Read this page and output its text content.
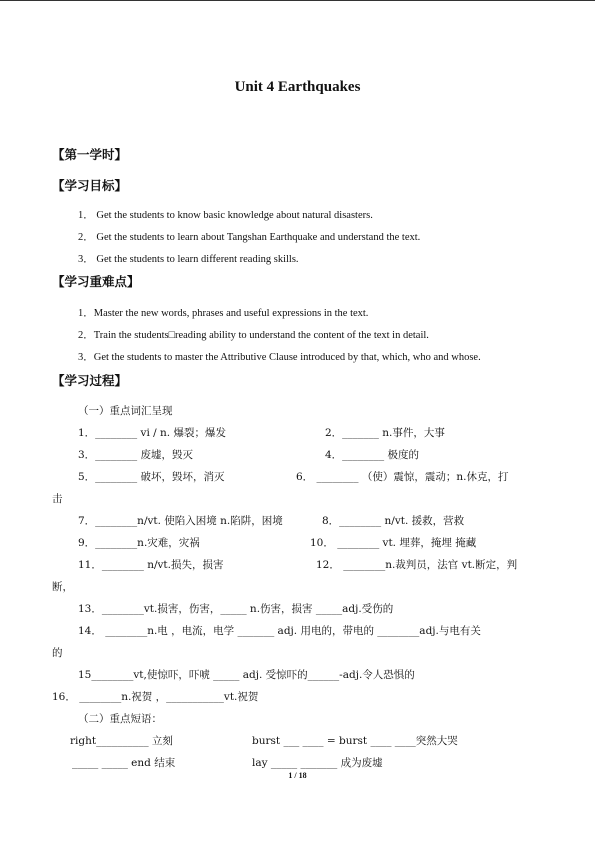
Unit 4 Earthquakes
【第一学时】
【学习目标】
1． Get the students to know basic knowledge about natural disasters.
2． Get the students to learn about Tangshan Earthquake and understand the text.
3． Get the students to learn different reading skills.
【学习重难点】
1．Master the new words, phrases and useful expressions in the text.
2．Train the students□reading ability to understand the content of the text in detail.
3．Get the students to master the Attributive Clause introduced by that, which, who and whose.
【学习过程】
（一）重点词汇呈现
1．________ vi / n. 爆裂；爆发	2．_______ n.事件，大事
3．________ 废墟，毁灭	4．________ 极度的
5．________ 破坏，毁坏，消灭	6． ________ （使）震惊，震动；n.休克，打
击
7．________n/vt. 使陷入困境 n.陷阱，困境	8．________ n/vt. 援救，营救
9．________n.灾难，灾祸	10． ________ vt. 埋葬，掩埋 掩藏
11．________ n/vt.损失，损害	12． ________n.裁判员，法官 vt.断定，判
断，
13．________vt.损害，伤害，_____ n.伤害，损害 _____adj.受伤的
14． ________n.电 ，电流，电学 _______ adj. 用电的，带电的 ________adj.与电有关
的
15________vt,使惊吓，吓唬 _____ adj. 受惊吓的______-adj.令人恐惧的
16． ________n.祝贺 ，___________vt.祝贺
（二）重点短语：
right__________ 立刻	burst ___ ____ = burst ____ ____突然大哭
_____ _____ end 结束	lay _____ _______ 成为废墟
1 / 18
